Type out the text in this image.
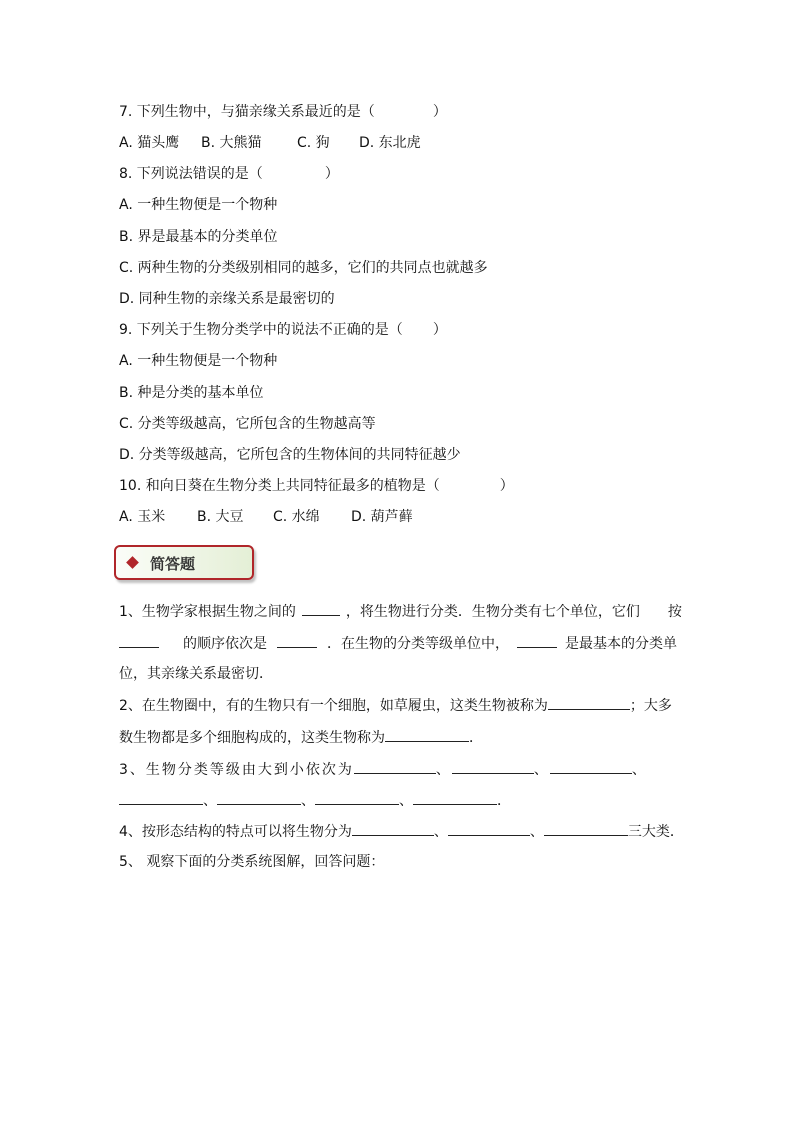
7. 下列生物中，与猫亲缘关系最近的是（	）
A. 猫头鹰 B. 大熊猫	C. 狗 D. 东北虎
8. 下列说法错误的是（	）
A. 一种生物便是一个物种
B. 界是最基本的分类单位
C. 两种生物的分类级别相同的越多，它们的共同点也就越多
D. 同种生物的亲缘关系是最密切的
9. 下列关于生物分类学中的说法不正确的是（ ）
A. 一种生物便是一个物种
B. 种是分类的基本单位
C. 分类等级越高，它所包含的生物越高等
D. 分类等级越高，它所包含的生物体间的共同特征越少
10. 和向日葵在生物分类上共同特征最多的植物是（	）
A. 玉米 B. 大豆 C. 水绵 D. 葫芦藓
简答题
1、生物学家根据生物之间的	，将生物进行分类．生物分类有七个单位，它们 按
的顺序依次是	．在生物的分类等级单位中，	是最基本的分类单
位，其亲缘关系最密切．
2、在生物圈中，有的生物只有一个细胞，如草履虫，这类生物被称为	；大多
数生物都是多个细胞构成的，这类生物称为	．
3、生物分类等级由大到小依次为	、	、	、
、	、	、	．
4、按形态结构的特点可以将生物分为	、	、	三大类．
5、 观察下面的分类系统图解，回答问题：
